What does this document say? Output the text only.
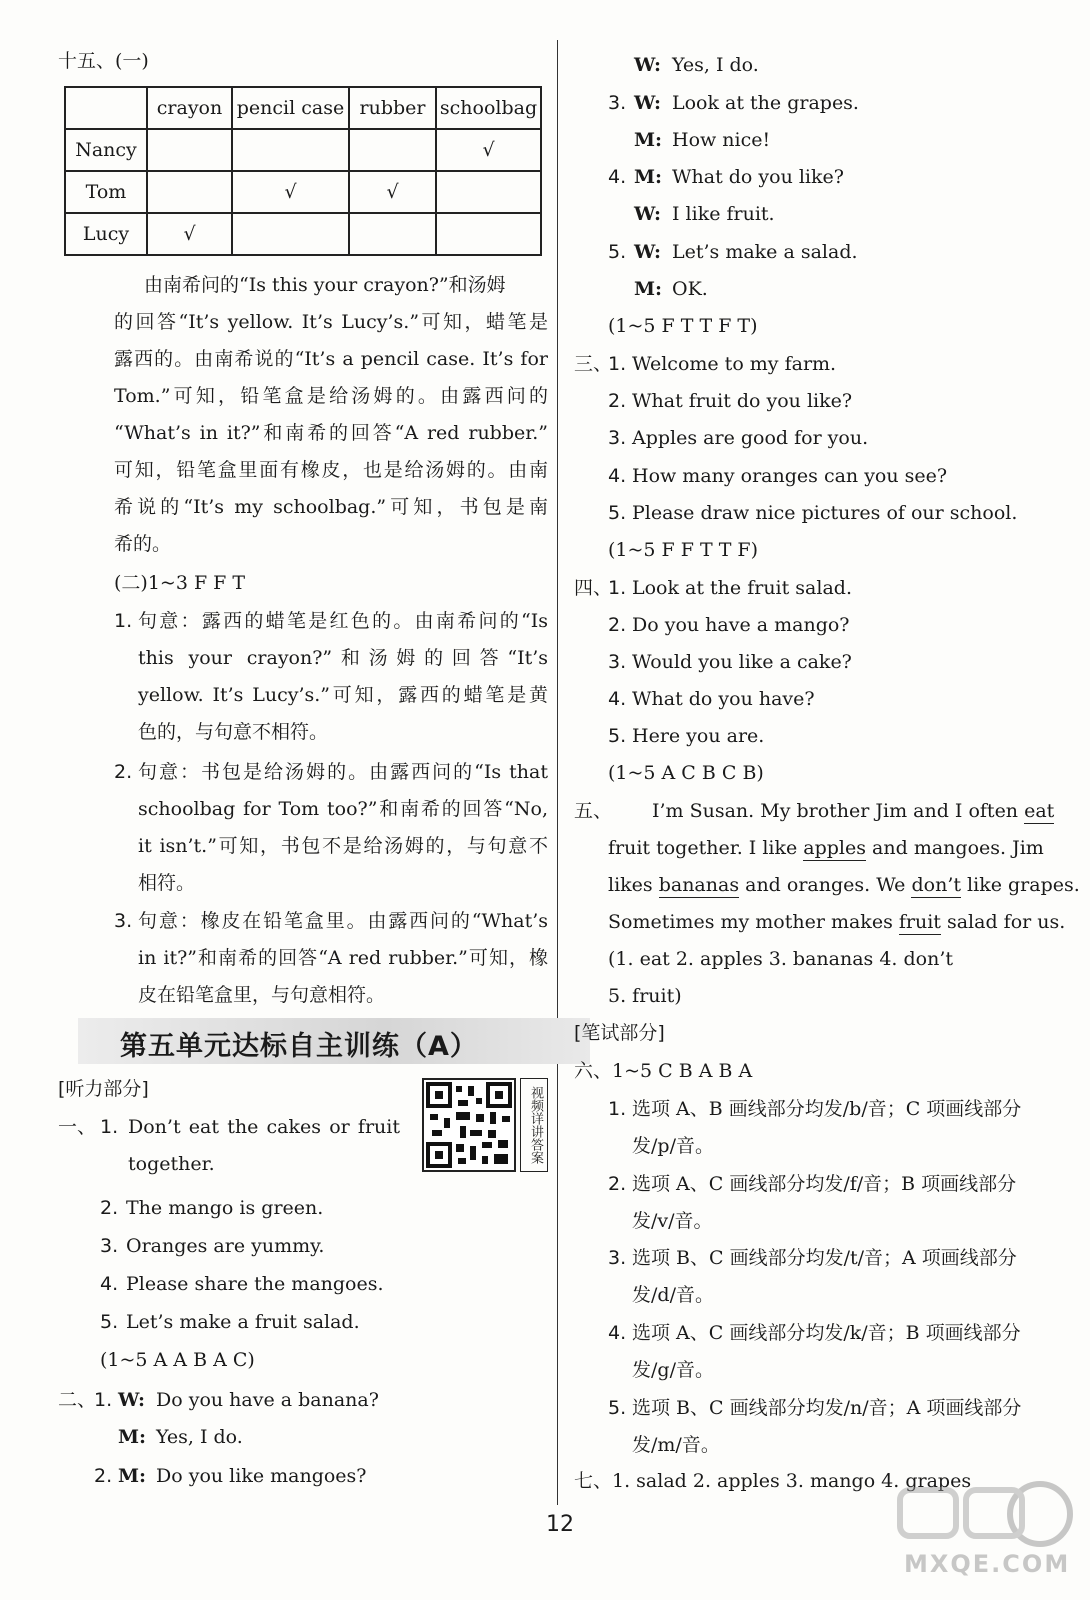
十五、(一)
	crayon	pencil case	rubber	schoolbag
Nancy				√
Tom		√	√	
Lucy	√			
由南希问的“Is this your crayon?”和汤姆
的回答“It’s yellow. It’s Lucy’s.”可知，蜡笔是
露西的。由南希说的“It’s a pencil case. It’s for
Tom.”可知，铅笔盒是给汤姆的。由露西问的
“What’s in it?”和南希的回答“A red rubber.”
可知，铅笔盒里面有橡皮，也是给汤姆的。由南
希说的“It’s my schoolbag.”可知，书包是南
希的。
(二)1~3 F F T
1. 句意：露西的蜡笔是红色的。由南希问的“Is
this your crayon?”和汤姆的回答“It’s
yellow. It’s Lucy’s.”可知，露西的蜡笔是黄
色的，与句意不相符。
2. 句意：书包是给汤姆的。由露西问的“Is that
schoolbag for Tom too?”和南希的回答“No,
it isn’t.”可知，书包不是给汤姆的，与句意不
相符。
3. 句意：橡皮在铅笔盒里。由露西问的“What’s
in it?”和南希的回答“A red rubber.”可知，橡
皮在铅笔盒里，与句意相符。
[听力部分]
一、 1. Don’t eat the cakes or fruit
together.
2. The mango is green.
3. Oranges are yummy.
4. Please share the mangoes.
5. Let’s make a fruit salad.
(1~5 A A B A C)
二、
1. W: Do you have a banana?
M: Yes, I do.
2. M: Do you like mangoes?
第五单元达标自主训练（A）
视频详讲答案
W: Yes, I do.
3. W: Look at the grapes.
M: How nice!
4. M: What do you like?
W: I like fruit.
5. W: Let’s make a salad.
M: OK.
(1~5 F T T F T)
三、
1. Welcome to my farm.
2. What fruit do you like?
3. Apples are good for you.
4. How many oranges can you see?
5. Please draw nice pictures of our school.
(1~5 F F T T F)
四、
1. Look at the fruit salad.
2. Do you have a mango?
3. Would you like a cake?
4. What do you have?
5. Here you are.
(1~5 A C B C B)
五、 I’m Susan. My brother Jim and I often eat
fruit together. I like apples and mangoes. Jim
likes bananas and oranges. We don’t like grapes.
Sometimes my mother makes fruit salad for us.
(1. eat 2. apples 3. bananas 4. don’t
5. fruit)
[笔试部分]
六、1~5 C B A B A
1. 选项 A、B 画线部分均发/b/音；C 项画线部分
发/p/音。
2. 选项 A、C 画线部分均发/f/音；B 项画线部分
发/v/音。
3. 选项 B、C 画线部分均发/t/音；A 项画线部分
发/d/音。
4. 选项 A、C 画线部分均发/k/音；B 项画线部分
发/g/音。
5. 选项 B、C 画线部分均发/n/音；A 项画线部分
发/m/音。
七、1. salad 2. apples 3. mango 4. grapes
12
MXQE.COM
